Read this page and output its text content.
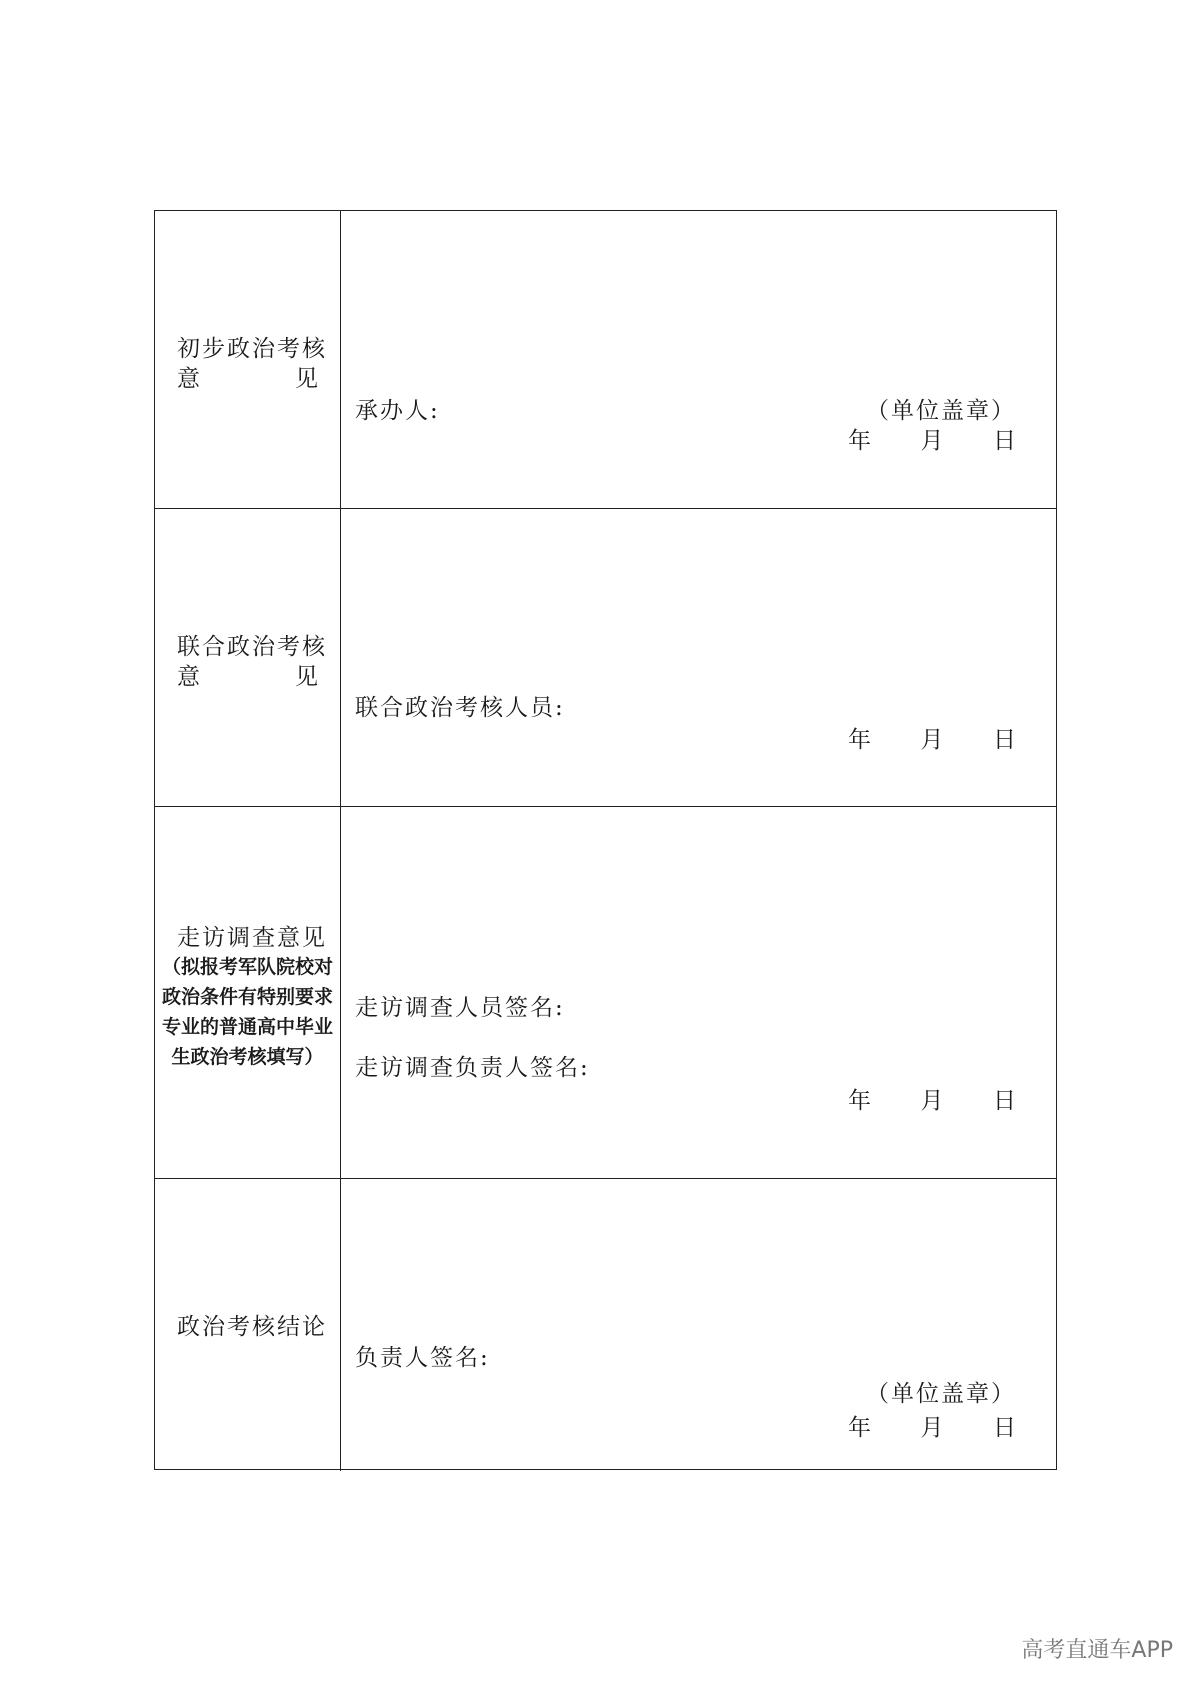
初步政治考核
意	见
承办人:	（单位盖章）
年 月 日
联合政治考核
意	见
联合政治考核人员:
年 月 日
走访调查意见
（拟报考军队院校对
政治条件有特别要求
专业的普通高中毕业
生政治考核填写）
走访调查人员签名:
走访调查负责人签名:
年 月 日
政治考核结论
负责人签名:
（单位盖章）
年 月 日
高考直通车APP
